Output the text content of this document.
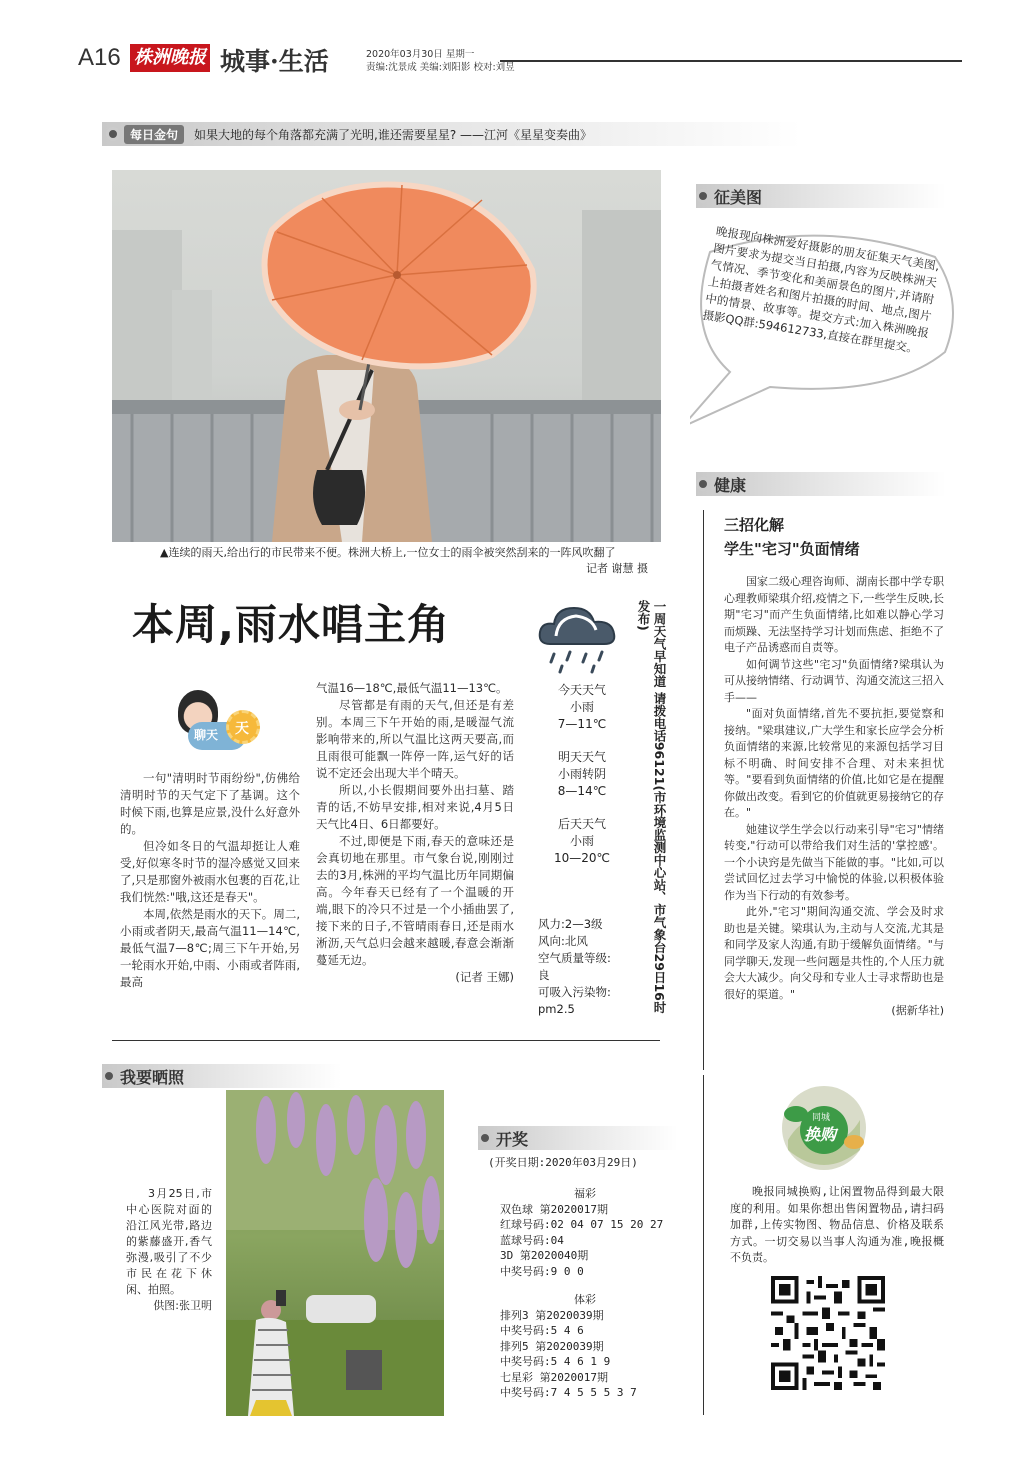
A16 株洲晚报 城事·生活	2020年03月30日 星期一
责编:沈景成 美编:刘阳影 校对:刘昱
每日金句	如果大地的每个角落都充满了光明,谁还需要星星? ——江河《星星变奏曲》
▲连续的雨天,给出行的市民带来不便。株洲大桥上,一位女士的雨伞被突然刮来的一阵风吹翻了
记者 谢慧 摄
征美图
晚报现向株洲爱好摄影的朋友征集天气美图,图片要求为提交当日拍摄,内容为反映株洲天气情况、季节变化和美丽景色的图片,并请附上拍摄者姓名和图片拍摄的时间、地点,图片中的情景、故事等。提交方式:加入株洲晚报摄影QQ群:594612733,直接在群里提交。
健康
三招化解
学生"宅习"负面情绪

国家二级心理咨询师、湖南长郡中学专职心理教师梁琪介绍,疫情之下,一些学生反映,长期"宅习"而产生负面情绪,比如难以静心学习而烦躁、无法坚持学习计划而焦虑、拒绝不了电子产品诱惑而自责等。

如何调节这些"宅习"负面情绪?梁琪认为可从接纳情绪、行动调节、沟通交流这三招入手——

"面对负面情绪,首先不要抗拒,要觉察和接纳。"梁琪建议,广大学生和家长应学会分析负面情绪的来源,比较常见的来源包括学习目标不明确、时间安排不合理、对未来担忧等。"要看到负面情绪的价值,比如它是在提醒你做出改变。看到它的价值就更易接纳它的存在。"

她建议学生学会以行动来引导"宅习"情绪转变,"行动可以带给我们对生活的'掌控感'。一个小诀窍是先做当下能做的事。"比如,可以尝试回忆过去学习中愉悦的体验,以积极体验作为当下行动的有效参考。

此外,"宅习"期间沟通交流、学会及时求助也是关键。梁琪认为,主动与人交流,尤其是和同学及家人沟通,有助于缓解负面情绪。"与同学聊天,发现一些问题是共性的,个人压力就会大大减少。向父母和专业人士寻求帮助也是很好的渠道。"

(据新华社)
本周,雨水唱主角
聊天 天

一句"清明时节雨纷纷",仿佛给清明时节的天气定下了基调。这个时候下雨,也算是应景,没什么好意外的。

但冷如冬日的气温却挺让人难受,好似寒冬时节的湿冷感觉又回来了,只是那窗外被雨水包裹的百花,让我们恍然:"哦,这还是春天"。

本周,依然是雨水的天下。周二,小雨或者阴天,最高气温11—14℃,最低气温7—8℃;周三下午开始,另一轮雨水开始,中雨、小雨或者阵雨,最高

气温16—18℃,最低气温11—13℃。

尽管都是有雨的天气,但还是有差别。本周三下午开始的雨,是暖湿气流影响带来的,所以气温比这两天要高,而且雨很可能飘一阵停一阵,运气好的话说不定还会出现大半个晴天。

所以,小长假期间要外出扫墓、踏青的话,不妨早安排,相对来说,4月5日天气比4日、6日都要好。

不过,即便是下雨,春天的意味还是会真切地在那里。市气象台说,刚刚过去的3月,株洲的平均气温比历年同期偏高。今年春天已经有了一个温暖的开端,眼下的冷只不过是一个小插曲罢了,接下来的日子,不管晴雨春日,还是雨水淅沥,天气总归会越来越暖,春意会渐渐蔓延无边。

(记者 王娜)
今天天气
小雨
7—11℃
明天天气
小雨转阴
8—14℃
后天天气
小雨
10—20℃
风力:2—3级
风向:北风
空气质量等级:
良
可吸入污染物:
pm2.5	一周天气早知道 请拨电话96121(市环境监测中心站、市气象台29日16时发布)
我要晒照
3月25日,市中心医院对面的沿江风光带,路边的紫藤盛开,香气弥漫,吸引了不少市民在花下休闲、拍照。
供图:张卫明
开奖
(开奖日期:2020年03月29日)
福彩
双色球 第2020017期
红球号码:02 04 07 15 20 27
蓝球号码:04
3D 第2020040期
中奖号码:9 0 0
体彩
排列3 第2020039期
中奖号码:5 4 6
排列5 第2020039期
中奖号码:5 4 6 1 9
七星彩 第2020017期
中奖号码:7 4 5 5 5 3 7
同城
换购
晚报同城换购,让闲置物品得到最大限度的利用。如果你想出售闲置物品,请扫码加群,上传实物图、物品信息、价格及联系方式。一切交易以当事人沟通为准,晚报概不负责。
